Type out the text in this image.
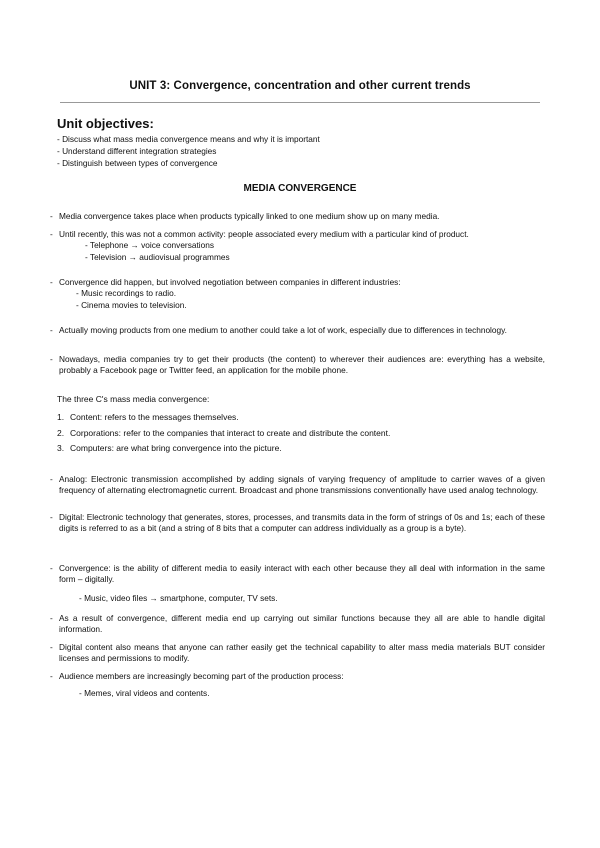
UNIT 3: Convergence, concentration and other current trends
Unit objectives:
- Discuss what mass media convergence means and why it is important
- Understand different integration strategies
- Distinguish between types of convergence
MEDIA CONVERGENCE
- Media convergence takes place when products typically linked to one medium show up on many media.
- Until recently, this was not a common activity: people associated every medium with a particular kind of product.
- Telephone → voice conversations
- Television → audiovisual programmes
- Convergence did happen, but involved negotiation between companies in different industries:
- Music recordings to radio.
- Cinema movies to television.
- Actually moving products from one medium to another could take a lot of work, especially due to differences in technology.
- Nowadays, media companies try to get their products (the content) to wherever their audiences are: everything has a website, probably a Facebook page or Twitter feed, an application for the mobile phone.
The three C's mass media convergence:
1. Content: refers to the messages themselves.
2. Corporations: refer to the companies that interact to create and distribute the content.
3. Computers: are what bring convergence into the picture.
- Analog: Electronic transmission accomplished by adding signals of varying frequency of amplitude to carrier waves of a given frequency of alternating electromagnetic current. Broadcast and phone transmissions conventionally have used analog technology.
- Digital: Electronic technology that generates, stores, processes, and transmits data in the form of strings of 0s and 1s; each of these digits is referred to as a bit (and a string of 8 bits that a computer can address individually as a group is a byte).
- Convergence: is the ability of different media to easily interact with each other because they all deal with information in the same form – digitally.
- Music, video files → smartphone, computer, TV sets.
- As a result of convergence, different media end up carrying out similar functions because they all are able to handle digital information.
- Digital content also means that anyone can rather easily get the technical capability to alter mass media materials BUT consider licenses and permissions to modify.
- Audience members are increasingly becoming part of the production process:
- Memes, viral videos and contents.
